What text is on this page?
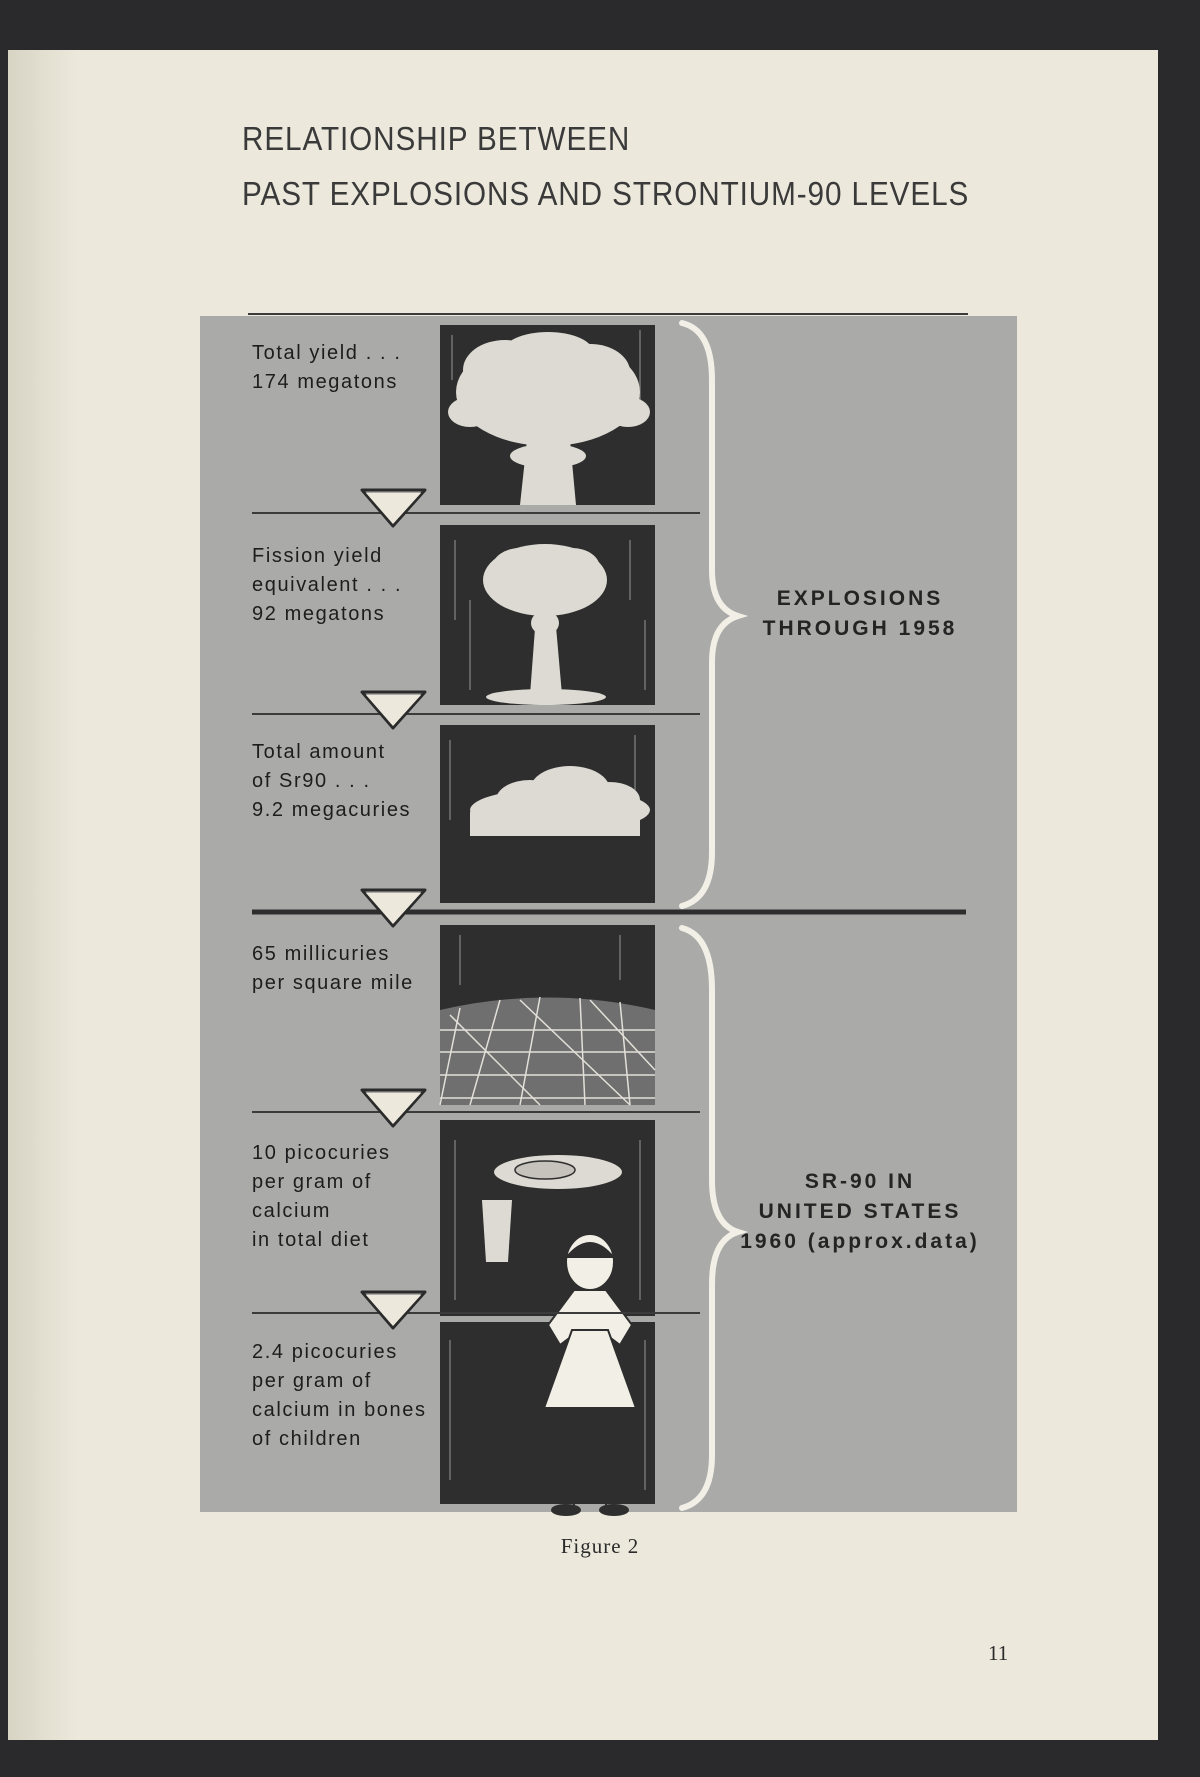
RELATIONSHIP BETWEEN
PAST EXPLOSIONS AND STRONTIUM-90 LEVELS
Total yield . . .
174 megatons
Fission yield
equivalent . . .
92 megatons
Total amount
of Sr90 . . .
9.2 megacuries
65 millicuries
per square mile
10 picocuries
per gram of
calcium
in total diet
2.4 picocuries
per gram of
calcium in bones
of children
EXPLOSIONS
THROUGH 1958
SR-90 IN
UNITED STATES
1960 (approx.data)
Figure 2
11
